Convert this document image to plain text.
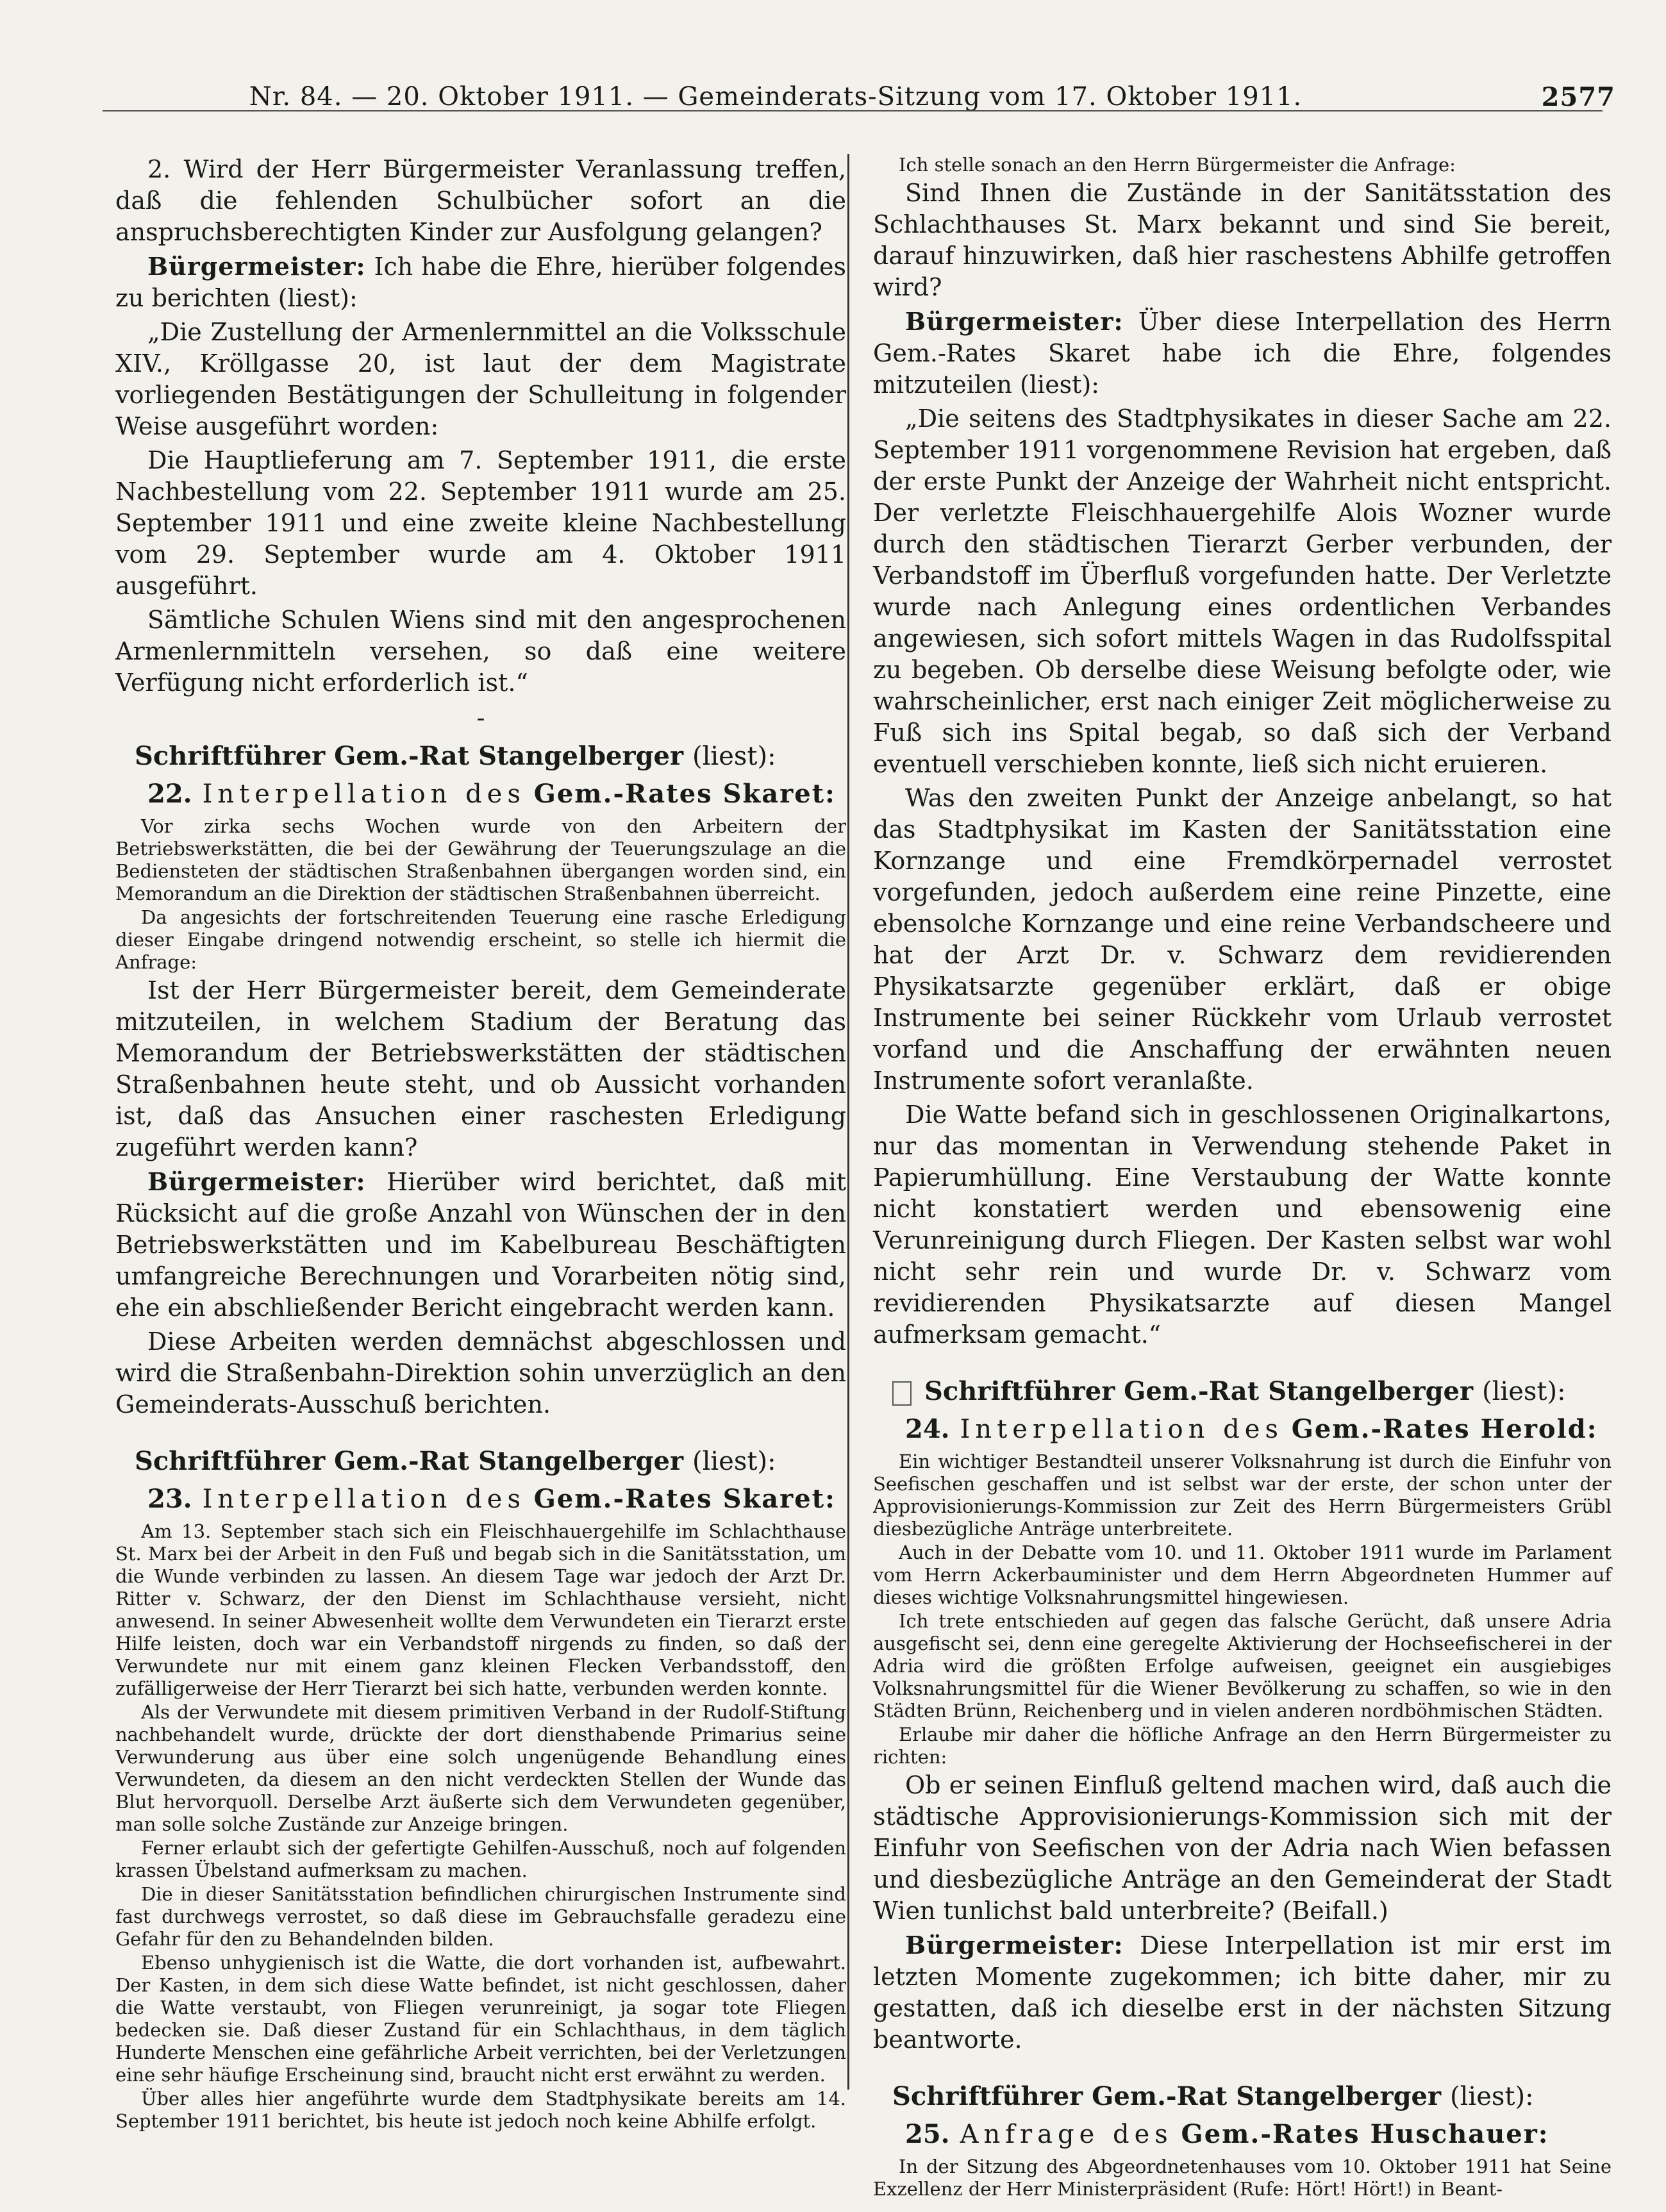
Nr. 84. — 20. Oktober 1911. — Gemeinderats-Sitzung vom 17. Oktober 1911.	2577

2. Wird der Herr Bürgermeister Veranlassung treffen, daß die fehlenden Schulbücher sofort an die anspruchsberechtigten Kinder zur Ausfolgung gelangen?

Bürgermeister: Ich habe die Ehre, hierüber folgendes zu berichten (liest):

„Die Zustellung der Armenlernmittel an die Volksschule XIV., Kröllgasse 20, ist laut der dem Magistrate vorliegenden Bestätigungen der Schulleitung in folgender Weise ausgeführt worden:

Die Hauptlieferung am 7. September 1911, die erste Nachbestellung vom 22. September 1911 wurde am 25. September 1911 und eine zweite kleine Nachbestellung vom 29. September wurde am 4. Oktober 1911 ausgeführt.

Sämtliche Schulen Wiens sind mit den angesprochenen Armenlernmitteln versehen, so daß eine weitere Verfügung nicht erforderlich ist.“

-

Schriftführer Gem.-Rat Stangelberger (liest):

22. Interpellation des Gem.-Rates Skaret:

Vor zirka sechs Wochen wurde von den Arbeitern der Betriebswerkstätten, die bei der Gewährung der Teuerungszulage an die Bediensteten der städtischen Straßenbahnen übergangen worden sind, ein Memorandum an die Direktion der städtischen Straßenbahnen überreicht.

Da angesichts der fortschreitenden Teuerung eine rasche Erledigung dieser Eingabe dringend notwendig erscheint, so stelle ich hiermit die Anfrage:

Ist der Herr Bürgermeister bereit, dem Gemeinderate mitzuteilen, in welchem Stadium der Beratung das Memorandum der Betriebswerkstätten der städtischen Straßenbahnen heute steht, und ob Aussicht vorhanden ist, daß das Ansuchen einer raschesten Erledigung zugeführt werden kann?

Bürgermeister: Hierüber wird berichtet, daß mit Rücksicht auf die große Anzahl von Wünschen der in den Betriebswerkstätten und im Kabelbureau Beschäftigten umfangreiche Berechnungen und Vorarbeiten nötig sind, ehe ein abschließender Bericht eingebracht werden kann.

Diese Arbeiten werden demnächst abgeschlossen und wird die Straßenbahn-Direktion sohin unverzüglich an den Gemeinderats-Ausschuß berichten.

Schriftführer Gem.-Rat Stangelberger (liest):

23. Interpellation des Gem.-Rates Skaret:

Am 13. September stach sich ein Fleischhauergehilfe im Schlachthause St. Marx bei der Arbeit in den Fuß und begab sich in die Sanitätsstation, um die Wunde verbinden zu lassen. An diesem Tage war jedoch der Arzt Dr. Ritter v. Schwarz, der den Dienst im Schlachthause versieht, nicht anwesend. In seiner Abwesenheit wollte dem Verwundeten ein Tierarzt erste Hilfe leisten, doch war ein Verbandstoff nirgends zu finden, so daß der Verwundete nur mit einem ganz kleinen Flecken Verbandsstoff, den zufälligerweise der Herr Tierarzt bei sich hatte, verbunden werden konnte.

Als der Verwundete mit diesem primitiven Verband in der Rudolf-Stiftung nachbehandelt wurde, drückte der dort diensthabende Primarius seine Verwunderung aus über eine solch ungenügende Behandlung eines Verwundeten, da diesem an den nicht verdeckten Stellen der Wunde das Blut hervorquoll. Derselbe Arzt äußerte sich dem Verwundeten gegenüber, man solle solche Zustände zur Anzeige bringen.

Ferner erlaubt sich der gefertigte Gehilfen-Ausschuß, noch auf folgenden krassen Übelstand aufmerksam zu machen.

Die in dieser Sanitätsstation befindlichen chirurgischen Instrumente sind fast durchwegs verrostet, so daß diese im Gebrauchsfalle geradezu eine Gefahr für den zu Behandelnden bilden.

Ebenso unhygienisch ist die Watte, die dort vorhanden ist, aufbewahrt. Der Kasten, in dem sich diese Watte befindet, ist nicht geschlossen, daher die Watte verstaubt, von Fliegen verunreinigt, ja sogar tote Fliegen bedecken sie. Daß dieser Zustand für ein Schlachthaus, in dem täglich Hunderte Menschen eine gefährliche Arbeit verrichten, bei der Verletzungen eine sehr häufige Erscheinung sind, braucht nicht erst erwähnt zu werden.

Über alles hier angeführte wurde dem Stadtphysikate bereits am 14. September 1911 berichtet, bis heute ist jedoch noch keine Abhilfe erfolgt.

Ich stelle sonach an den Herrn Bürgermeister die Anfrage:

Sind Ihnen die Zustände in der Sanitätsstation des Schlachthauses St. Marx bekannt und sind Sie bereit, darauf hinzuwirken, daß hier raschestens Abhilfe getroffen wird?

Bürgermeister: Über diese Interpellation des Herrn Gem.-Rates Skaret habe ich die Ehre, folgendes mitzuteilen (liest):

„Die seitens des Stadtphysikates in dieser Sache am 22. September 1911 vorgenommene Revision hat ergeben, daß der erste Punkt der Anzeige der Wahrheit nicht entspricht. Der verletzte Fleischhauergehilfe Alois Wozner wurde durch den städtischen Tierarzt Gerber verbunden, der Verbandstoff im Überfluß vorgefunden hatte. Der Verletzte wurde nach Anlegung eines ordentlichen Verbandes angewiesen, sich sofort mittels Wagen in das Rudolfsspital zu begeben. Ob derselbe diese Weisung befolgte oder, wie wahrscheinlicher, erst nach einiger Zeit möglicherweise zu Fuß sich ins Spital begab, so daß sich der Verband eventuell verschieben konnte, ließ sich nicht eruieren.

Was den zweiten Punkt der Anzeige anbelangt, so hat das Stadtphysikat im Kasten der Sanitätsstation eine Kornzange und eine Fremdkörpernadel verrostet vorgefunden, jedoch außerdem eine reine Pinzette, eine ebensolche Kornzange und eine reine Verbandscheere und hat der Arzt Dr. v. Schwarz dem revidierenden Physikatsarzte gegenüber erklärt, daß er obige Instrumente bei seiner Rückkehr vom Urlaub verrostet vorfand und die Anschaffung der erwähnten neuen Instrumente sofort veranlaßte.

Die Watte befand sich in geschlossenen Originalkartons, nur das momentan in Verwendung stehende Paket in Papierumhüllung. Eine Verstaubung der Watte konnte nicht konstatiert werden und ebensowenig eine Verunreinigung durch Fliegen. Der Kasten selbst war wohl nicht sehr rein und wurde Dr. v. Schwarz vom revidierenden Physikatsarzte auf diesen Mangel aufmerksam gemacht.“

Schriftführer Gem.-Rat Stangelberger (liest):

24. Interpellation des Gem.-Rates Herold:

Ein wichtiger Bestandteil unserer Volksnahrung ist durch die Einfuhr von Seefischen geschaffen und ist selbst war der erste, der schon unter der Approvisionierungs-Kommission zur Zeit des Herrn Bürgermeisters Grübl diesbezügliche Anträge unterbreitete.

Auch in der Debatte vom 10. und 11. Oktober 1911 wurde im Parlament vom Herrn Ackerbauminister und dem Herrn Abgeordneten Hummer auf dieses wichtige Volksnahrungsmittel hingewiesen.

Ich trete entschieden auf gegen das falsche Gerücht, daß unsere Adria ausgefischt sei, denn eine geregelte Aktivierung der Hochseefischerei in der Adria wird die größten Erfolge aufweisen, geeignet ein ausgiebiges Volksnahrungsmittel für die Wiener Bevölkerung zu schaffen, so wie in den Städten Brünn, Reichenberg und in vielen anderen nordböhmischen Städten.

Erlaube mir daher die höfliche Anfrage an den Herrn Bürgermeister zu richten:

Ob er seinen Einfluß geltend machen wird, daß auch die städtische Approvisionierungs-Kommission sich mit der Einfuhr von Seefischen von der Adria nach Wien befassen und diesbezügliche Anträge an den Gemeinderat der Stadt Wien tunlichst bald unterbreite? (Beifall.)

Bürgermeister: Diese Interpellation ist mir erst im letzten Momente zugekommen; ich bitte daher, mir zu gestatten, daß ich dieselbe erst in der nächsten Sitzung beantworte.

Schriftführer Gem.-Rat Stangelberger (liest):

25. Anfrage des Gem.-Rates Huschauer:

In der Sitzung des Abgeordnetenhauses vom 10. Oktober 1911 hat Seine Exzellenz der Herr Ministerpräsident (Rufe: Hört! Hört!) in Beant-
